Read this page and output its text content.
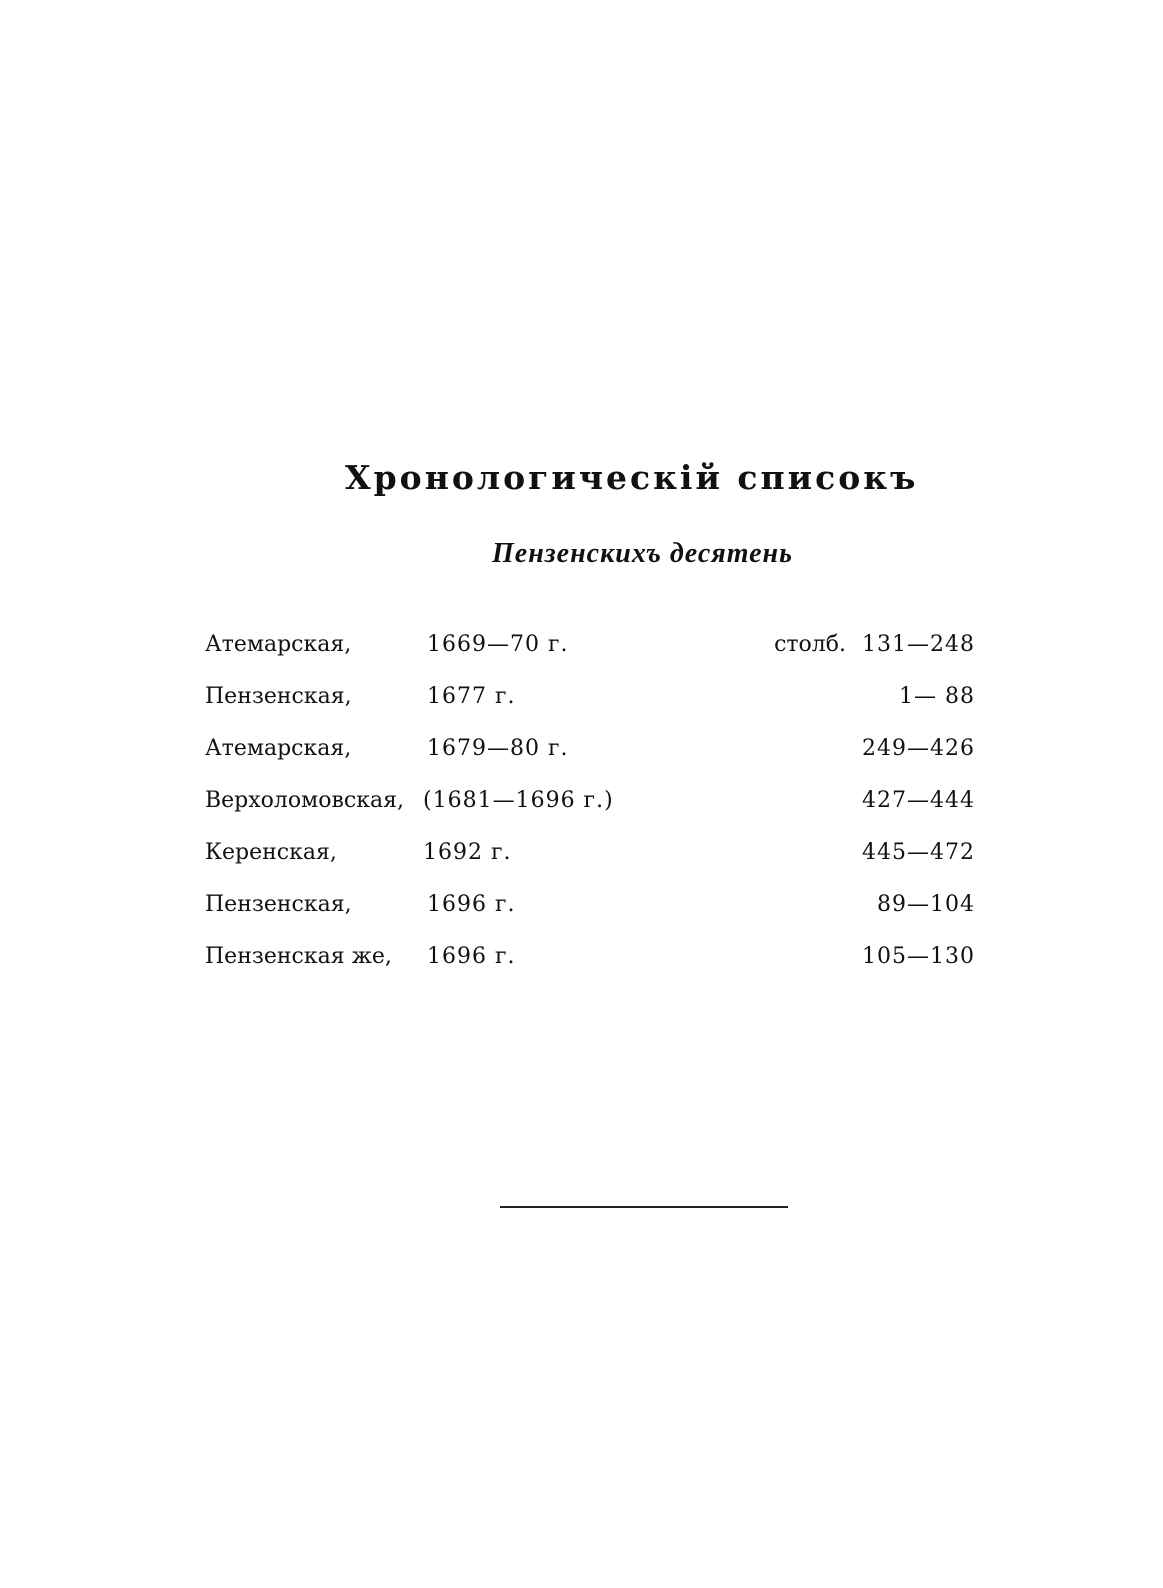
Хронологическій списокъ
Пензенскихъ десятень
Атемарская,	1669—70 г.	столб. 131—248
Пензенская,	1677 г.	1— 88
Атемарская,	1679—80 г.	249—426
Верхоломовская, (1681—1696 г.)	427—444
Керенская,	1692 г.	445—472
Пензенская,	1696 г.	89—104
Пензенская же, 1696 г.	105—130
